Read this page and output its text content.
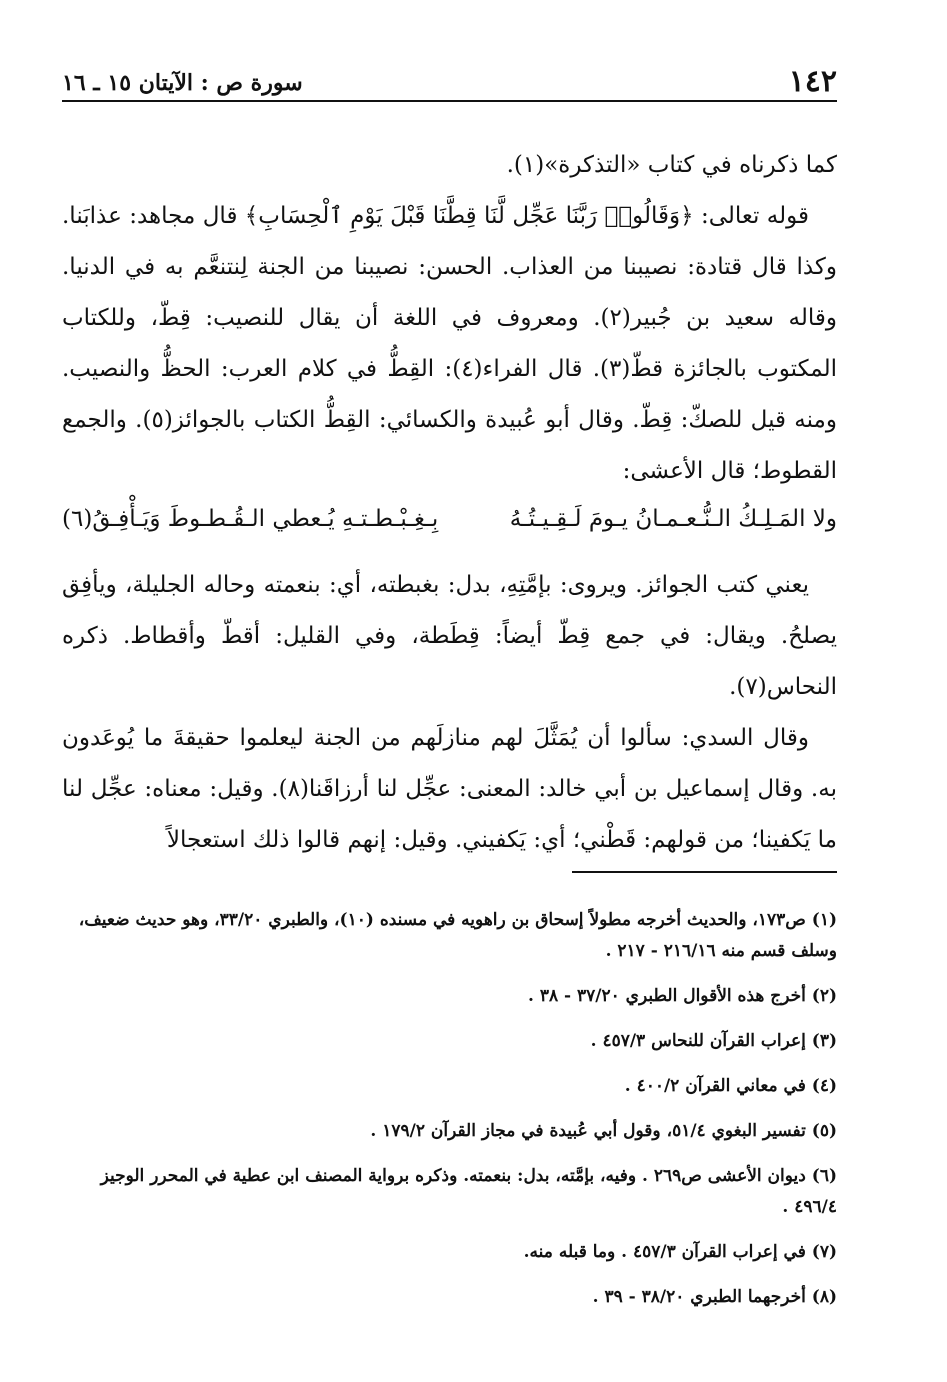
١٤٢
سورة ص : الآيتان ١٥ ـ ١٦

كما ذكرناه في كتاب «التذكرة»(١).

قوله تعالى: ﴿وَقَالُوا۟ رَبَّنَا عَجِّل لَّنَا قِطَّنَا قَبْلَ يَوْمِ ٱلْحِسَابِ﴾ قال مجاهد: عذابَنا. وكذا قال قتادة: نصيبنا من العذاب. الحسن: نصيبنا من الجنة لِنتنعَّم به في الدنيا. وقاله سعيد بن جُبير(٢). ومعروف في اللغة أن يقال للنصيب: قِطّ، وللكتاب المكتوب بالجائزة قطّ(٣). قال الفراء(٤): القِطُّ في كلام العرب: الحظُّ والنصيب. ومنه قيل للصكّ: قِطّ. وقال أبو عُبيدة والكسائي: القِطُّ الكتاب بالجوائز(٥). والجمع القطوط؛ قال الأعشى:

ولا المَـلِـكُ الـنُّـعـمـانُ يـومَ لَـقِـيـتُـهُ
بِـغِـبْـطـتـهِ يُـعطي الـقُـطـوطَ وَيَـأْفِـقُ(٦)

يعني كتب الجوائز. ويروى: بإمَّتِهِ، بدل: بغبطته، أي: بنعمته وحاله الجليلة، ويأفِق يصلحُ. ويقال: في جمع قِطّ أيضاً: قِطَطة، وفي القليل: أقطّ وأقطاط. ذكره النحاس(٧).

وقال السدي: سألوا أن يُمَثَّلَ لهم منازلَهم من الجنة ليعلموا حقيقةَ ما يُوعَدون به. وقال إسماعيل بن أبي خالد: المعنى: عجِّل لنا أرزاقَنا(٨). وقيل: معناه: عجِّل لنا ما يَكفينا؛ من قولهم: قَطْني؛ أي: يَكفيني. وقيل: إنهم قالوا ذلك استعجالاً

(١) ص١٧٣، والحديث أخرجه مطولاً إسحاق بن راهويه في مسنده (١٠)، والطبري ٣٣/٢٠، وهو حديث ضعيف، وسلف قسم منه ٢١٦/١٦ - ٢١٧ .

(٢) أخرج هذه الأقوال الطبري ٣٧/٢٠ - ٣٨ .

(٣) إعراب القرآن للنحاس ٤٥٧/٣ .

(٤) في معاني القرآن ٤٠٠/٢ .

(٥) تفسير البغوي ٥١/٤، وقول أبي عُبيدة في مجاز القرآن ١٧٩/٢ .

(٦) ديوان الأعشى ص٢٦٩ . وفيه، بإمَّته، بدل: بنعمته. وذكره برواية المصنف ابن عطية في المحرر الوجيز ٤٩٦/٤ .

(٧) في إعراب القرآن ٤٥٧/٣ . وما قبله منه.

(٨) أخرجهما الطبري ٣٨/٢٠ - ٣٩ .
